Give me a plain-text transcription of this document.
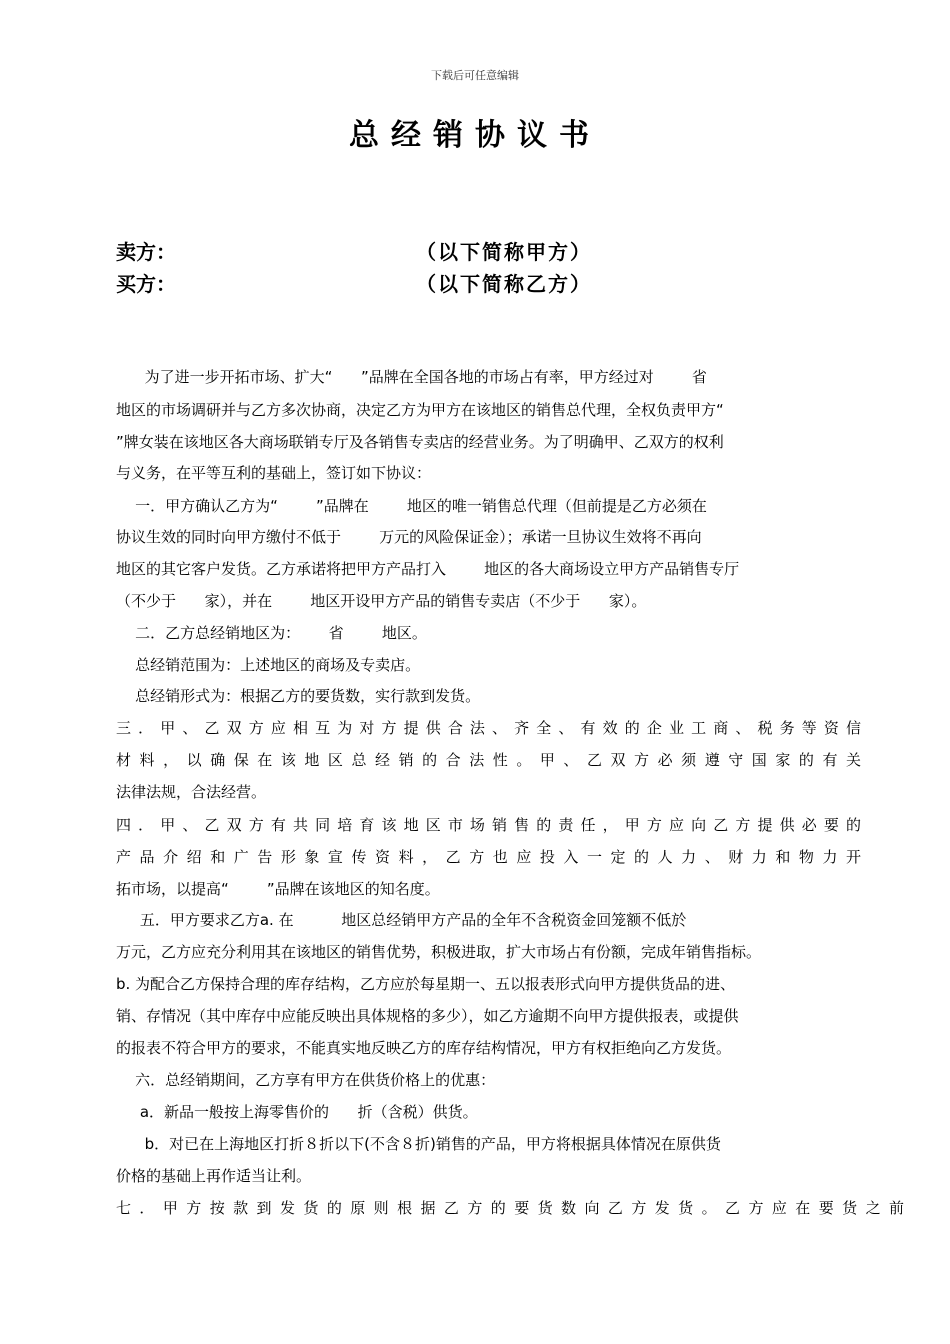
下载后可任意编辑
总经销协议书
卖方：	（以下简称甲方）
买方：	（以下简称乙方）
为了进一步开拓市场、扩大“      ”品牌在全国各地的市场占有率，甲方经过对        省
地区的市场调研并与乙方多次协商，决定乙方为甲方在该地区的销售总代理，全权负责甲方“
”牌女装在该地区各大商场联销专厅及各销售专卖店的经营业务。为了明确甲、乙双方的权利
与义务，在平等互利的基础上，签订如下协议：
一．甲方确认乙方为“        ”品牌在        地区的唯一销售总代理（但前提是乙方必须在
协议生效的同时向甲方缴付不低于        万元的风险保证金）；承诺一旦协议生效将不再向
地区的其它客户发货。乙方承诺将把甲方产品打入        地区的各大商场设立甲方产品销售专厅
（不少于      家），并在        地区开设甲方产品的销售专卖店（不少于      家）。
二．乙方总经销地区为：      省        地区。
总经销范围为：上述地区的商场及专卖店。
总经销形式为：根据乙方的要货数，实行款到发货。
三．甲、乙双方应相互为对方提供合法、齐全、有效的企业工商、税务等资信
材料，以确保在该地区总经销的合法性。甲、乙双方必须遵守国家的有关
法律法规，合法经营。
四．甲、乙双方有共同培育该地区市场销售的责任，甲方应向乙方提供必要的
产品介绍和广告形象宣传资料，乙方也应投入一定的人力、财力和物力开
拓市场，以提高“        ”品牌在该地区的知名度。
五．甲方要求乙方a. 在          地区总经销甲方产品的全年不含税资金回笼额不低於
万元，乙方应充分利用其在该地区的销售优势，积极进取，扩大市场占有份额，完成年销售指标。
b. 为配合乙方保持合理的库存结构，乙方应於每星期一、五以报表形式向甲方提供货品的进、
销、存情况（其中库存中应能反映出具体规格的多少），如乙方逾期不向甲方提供报表，或提供
的报表不符合甲方的要求，不能真实地反映乙方的库存结构情况，甲方有权拒绝向乙方发货。
六．总经销期间，乙方享有甲方在供货价格上的优惠：
a．新品一般按上海零售价的      折（含税）供货。
b．对已在上海地区打折８折以下(不含８折)销售的产品，甲方将根据具体情况在原供货
价格的基础上再作适当让利。
七．甲方按款到发货的原则根据乙方的要货数向乙方发货。乙方应在要货之前
